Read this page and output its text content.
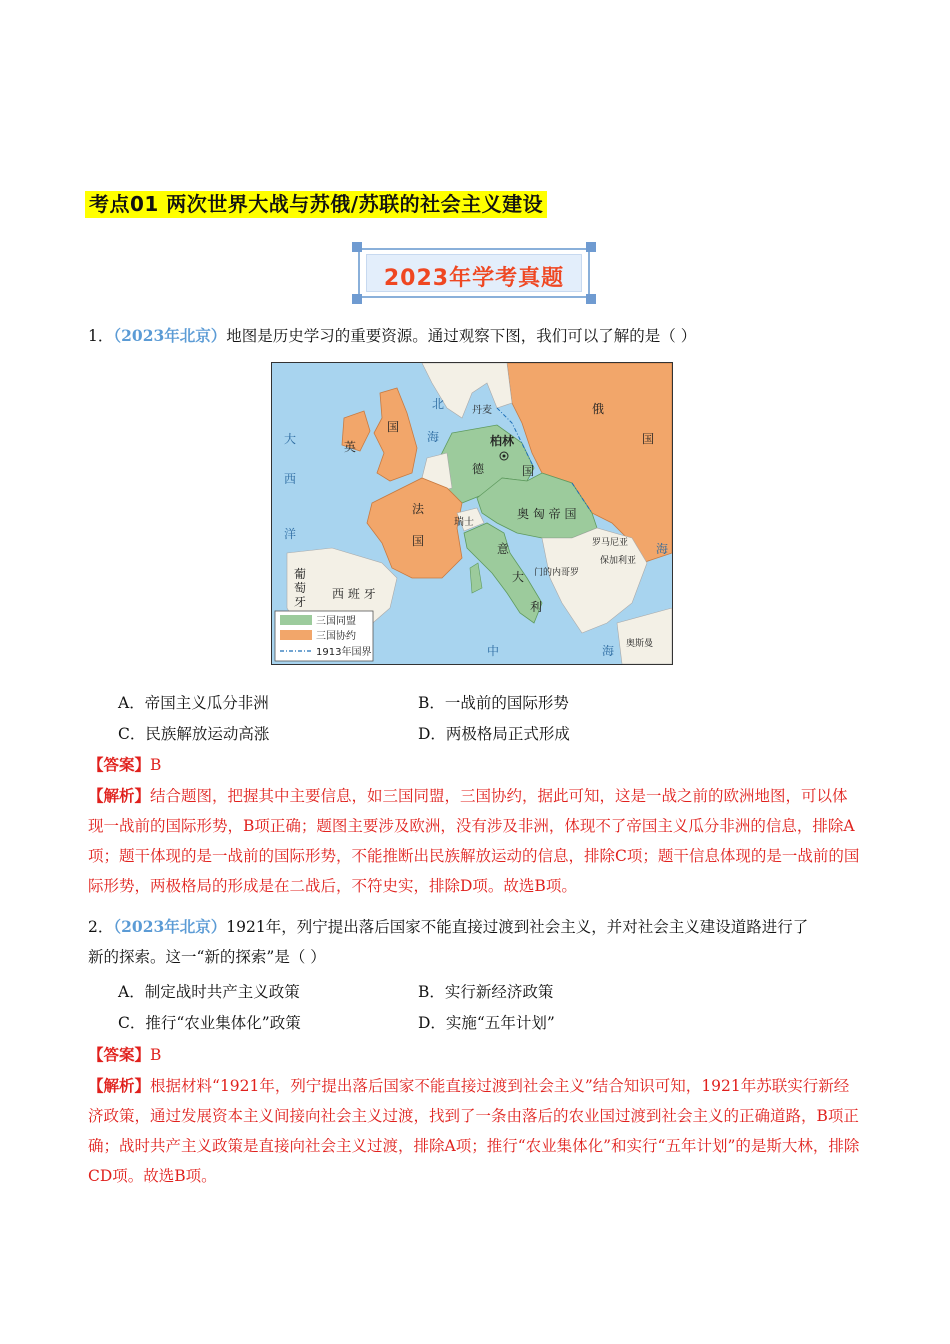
考点01 两次世界大战与苏俄/苏联的社会主义建设
2023年学考真题
1．（2023年北京）地图是历史学习的重要资源。通过观察下图，我们可以了解的是（ ）
英
国
德	国
柏林
俄
国
法
国
奥 匈 帝 国
意
大
利
西 班 牙
葡
萄
牙
瑞士
丹麦
罗马尼亚
保加利亚
门的内哥罗
奥斯曼
大
西
洋
北
海
中	海
海
三国同盟
三国协约
1913年国界
A．帝国主义瓜分非洲	B．一战前的国际形势
C．民族解放运动高涨	D．两极格局正式形成
【答案】B
【解析】结合题图，把握其中主要信息，如三国同盟，三国协约，据此可知，这是一战之前的欧洲地图，可以体现一战前的国际形势，B项正确；题图主要涉及欧洲，没有涉及非洲，体现不了帝国主义瓜分非洲的信息，排除A项；题干体现的是一战前的国际形势，不能推断出民族解放运动的信息，排除C项；题干信息体现的是一战前的国际形势，两极格局的形成是在二战后，不符史实，排除D项。故选B项。
2．（2023年北京）1921年，列宁提出落后国家不能直接过渡到社会主义，并对社会主义建设道路进行了
新的探索。这一“新的探索”是（ ）
A．制定战时共产主义政策	B．实行新经济政策
C．推行“农业集体化”政策	D．实施“五年计划”
【答案】B
【解析】根据材料“1921年，列宁提出落后国家不能直接过渡到社会主义”结合知识可知，1921年苏联实行新经济政策，通过发展资本主义间接向社会主义过渡，找到了一条由落后的农业国过渡到社会主义的正确道路，B项正确；战时共产主义政策是直接向社会主义过渡，排除A项；推行“农业集体化”和实行“五年计划”的是斯大林，排除CD项。故选B项。
